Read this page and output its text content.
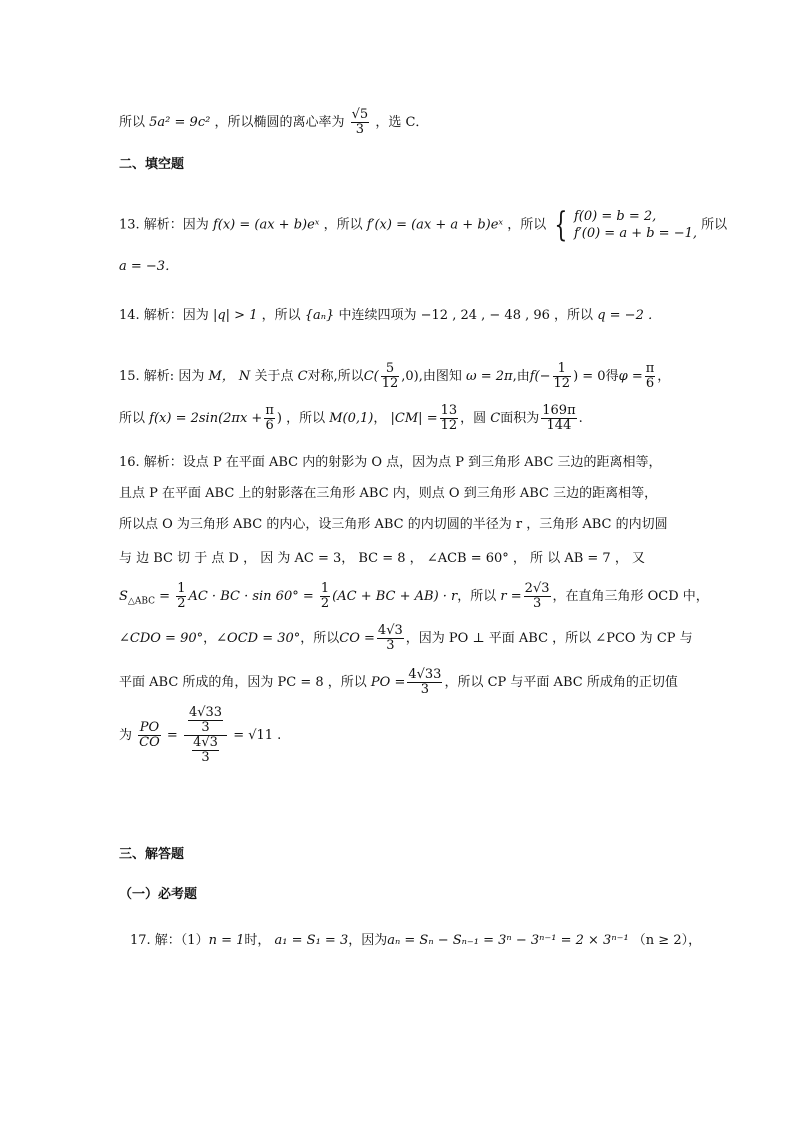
所以 5a² = 9c² ，所以椭圆的离心率为 $\frac{√5}{3}$ ，选 C．
二、填空题
13. 解析：因为 f(x) = (ax + b)eˣ ，所以 f′(x) = (ax + a + b)eˣ ，所以 { f(0) = b = 2,
f′(0) = a + b = −1,
所以
a = −3．
14. 解析：因为 |q| > 1 ，所以 {aₙ} 中连续四项为 −12 , 24 , − 48 , 96 ，所以 q = −2 ．
15. 解析: 因为 M， N 关于点 C对称,所以$C( \frac{5}{12} ,0)$,由图知 ω = 2π,由$f(- \frac{1}{12}$ ) = 0得$\varphi = \frac{\pi}{6}$ ，
所以 $f(x) = 2\sin(2\pi x + \frac{\pi}{6}$ ) ，所以 M(0,1)， $|CM| = \frac{13}{12}$ ，圆 C面积为 $\frac{169\pi}{144}$ .
16. 解析：设点 P 在平面 ABC 内的射影为 O 点，因为点 P 到三角形 ABC 三边的距离相等，
且点 P 在平面 ABC 上的射影落在三角形 ABC 内，则点 O 到三角形 ABC 三边的距离相等，
所以点 O 为三角形 ABC 的内心，设三角形 ABC 的内切圆的半径为 r ，三角形 ABC 的内切圆
与 边 BC 切 于 点 D ， 因 为 AC = 3， BC = 8 ， ∠ACB = 60° ， 所 以 AB = 7 ， 又
$S_{\triangle ABC} = \frac{1}{2}$ AC · BC · $\sin 60^\circ = \frac{1}{2} (AC$ + BC + AB) · r，所以 $r = \frac{2√3}{3}$ ，在直角三角形 OCD 中，
∠CDO = 90°，∠OCD = 30°，所以CO = $\frac{4√3}{3}$ ，因为 PO ⊥ 平面 ABC ，所以 ∠PCO 为 CP 与
平面 ABC 所成的角，因为 PC = 8 ，所以 PO = $\frac{4√33}{3}$ ，所以 CP 与平面 ABC 所成角的正切值
为 $\frac{PO}{CO} = \frac{\frac{4√33}{3}}{\frac{4√3}{3}} = √11$ .
三、解答题
（一）必考题
17. 解：（1）n = 1时， a₁ = S₁ = 3，因为aₙ = Sₙ − Sₙ₋₁ = 3ⁿ − 3ⁿ⁻¹ = 2 × 3ⁿ⁻¹ （n ≥ 2），
